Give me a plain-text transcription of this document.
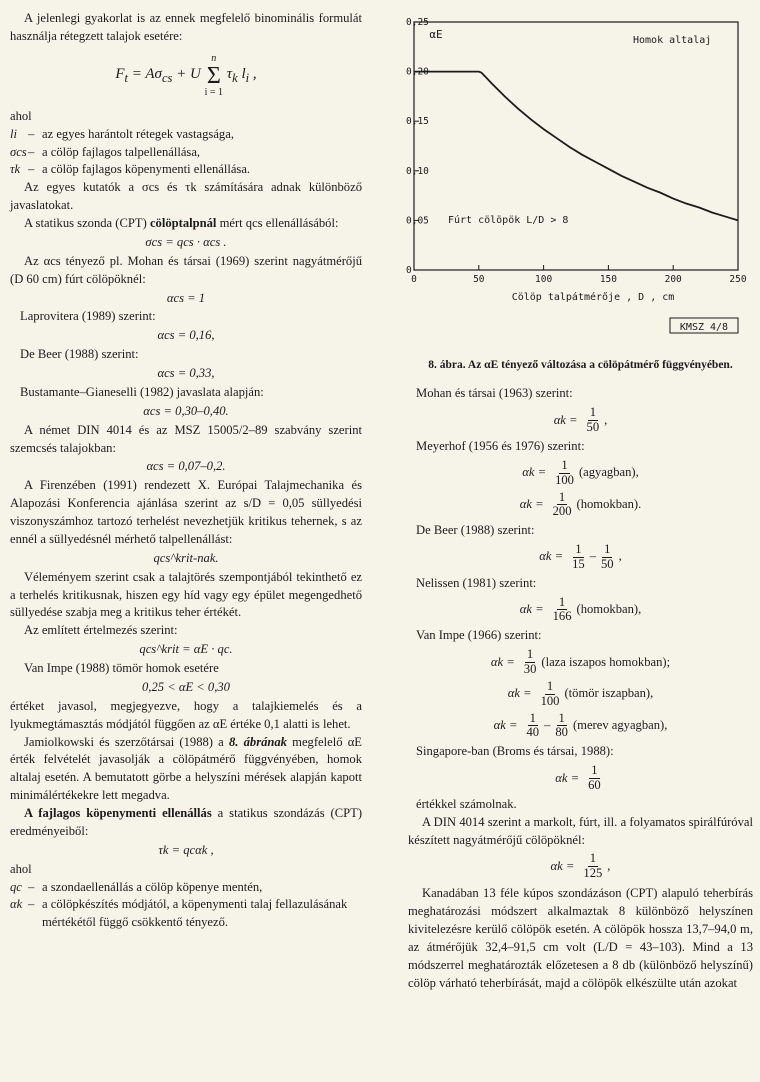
A jelenlegi gyakorlat is az ennek megfelelő binominális formulát használja rétegzett talajok esetére:

$F_t = A\sigma_{cs} + U$
n
Σ
i = 1
$\tau_k$ $l_i$ ,

ahol

li – az egyes harántolt rétegek vastagsága,
σcs – a cölöp fajlagos talpellenállása,
τk – a cölöp fajlagos köpenymenti ellenállása.

Az egyes kutatók a σcs és τk számítására adnak különböző javaslatokat.

A statikus szonda (CPT) cölöptalpnál mért qcs ellenállásából:

σcs = qcs · αcs .

Az αcs tényező pl. Mohan és társai (1969) szerint nagyátmérőjű (D 60 cm) fúrt cölöpöknél:

αcs = 1

Laprovitera (1989) szerint:

αcs = 0,16,

De Beer (1988) szerint:

αcs = 0,33,

Bustamante–Gianeselli (1982) javaslata alapján:

αcs = 0,30–0,40.

A német DIN 4014 és az MSZ 15005/2–89 szabvány szerint szemcsés talajokban:

αcs = 0,07–0,2.

A Firenzében (1991) rendezett X. Európai Talajmechanika és Alapozási Konferencia ajánlása szerint az s/D = 0,05 süllyedési viszonyszámhoz tartozó terhelést nevezhetjük kritikus tehernek, s az ennél a süllyedésnél mérhető talpellenállást:

qcs^krit-nak.

Véleményem szerint csak a talajtörés szempontjából tekinthető ez a terhelés kritikusnak, hiszen egy híd vagy egy épület megengedhető süllyedése szabja meg a kritikus teher értékét.

Az említett értelmezés szerint:

qcs^krit = αE · qc.

Van Impe (1988) tömör homok esetére

0,25 < αE < 0,30

értéket javasol, megjegyezve, hogy a talajkiemelés és a lyukmegtámasztás módjától függően az αE értéke 0,1 alatti is lehet.

Jamiolkowski és szerzőtársai (1988) a 8. ábrának megfelelő αE érték felvételét javasolják a cölöpátmérő függvényében, homok altalaj esetén. A bemutatott görbe a helyszíni mérések alapján kapott minimálértékekre lett megadva.

A fajlagos köpenymenti ellenállás a statikus szondázás (CPT) eredményeiből:

τk = qcαk ,

ahol

qc – a szondaellenállás a cölöp köpenye mentén,
αk – a cölöpkészítés módjától, a köpenymenti talaj fellazulásának mértékétől függő csökkentő tényező.
0
0,05
0,10
0,15
0,20
0,25
0	50	100	150	200	250
αE	Homok altalaj
Fúrt cölöpök L/D > 8
Cölöp talpátmérője , D , cm
KMSZ 4/8
8. ábra. Az αE tényező változása a cölöpátmérő függvényében.

Mohan és társai (1963) szerint:

$\alpha k = \frac{1}{50}$ ,

Meyerhof (1956 és 1976) szerint:

$\alpha k = \frac{1}{100}$ (agyagban),
$\alpha k = \frac{1}{200}$ (homokban).

De Beer (1988) szerint:

$\alpha k = \frac{1}{15} - \frac{1}{50}$ ,

Nelissen (1981) szerint:

$\alpha k = \frac{1}{166}$ (homokban),

Van Impe (1966) szerint:

$\alpha k = \frac{1}{30}$ (laza iszapos homokban);
$\alpha k = \frac{1}{100}$ (tömör iszapban),
$\alpha k = \frac{1}{40} - \frac{1}{80}$ (merev agyagban),

Singapore-ban (Broms és társai, 1988):

$\alpha k = \frac{1}{60}$

értékkel számolnak.

A DIN 4014 szerint a markolt, fúrt, ill. a folyamatos spirálfúróval készített nagyátmérőjű cölöpöknél:

$\alpha k = \frac{1}{125}$ ,

Kanadában 13 féle kúpos szondázáson (CPT) alapuló teherbírás meghatározási módszert alkalmaztak 8 különböző helyszínen kivitelezésre kerülő cölöpök esetén. A cölöpök hossza 13,7–94,0 m, az átmérőjük 32,4–91,5 cm volt (L/D = 43–103). Mind a 13 módszerrel meghatározták előzetesen a 8 db (különböző helyszínű) cölöp várható teherbírását, majd a cölöpök elkészülte után azokat
